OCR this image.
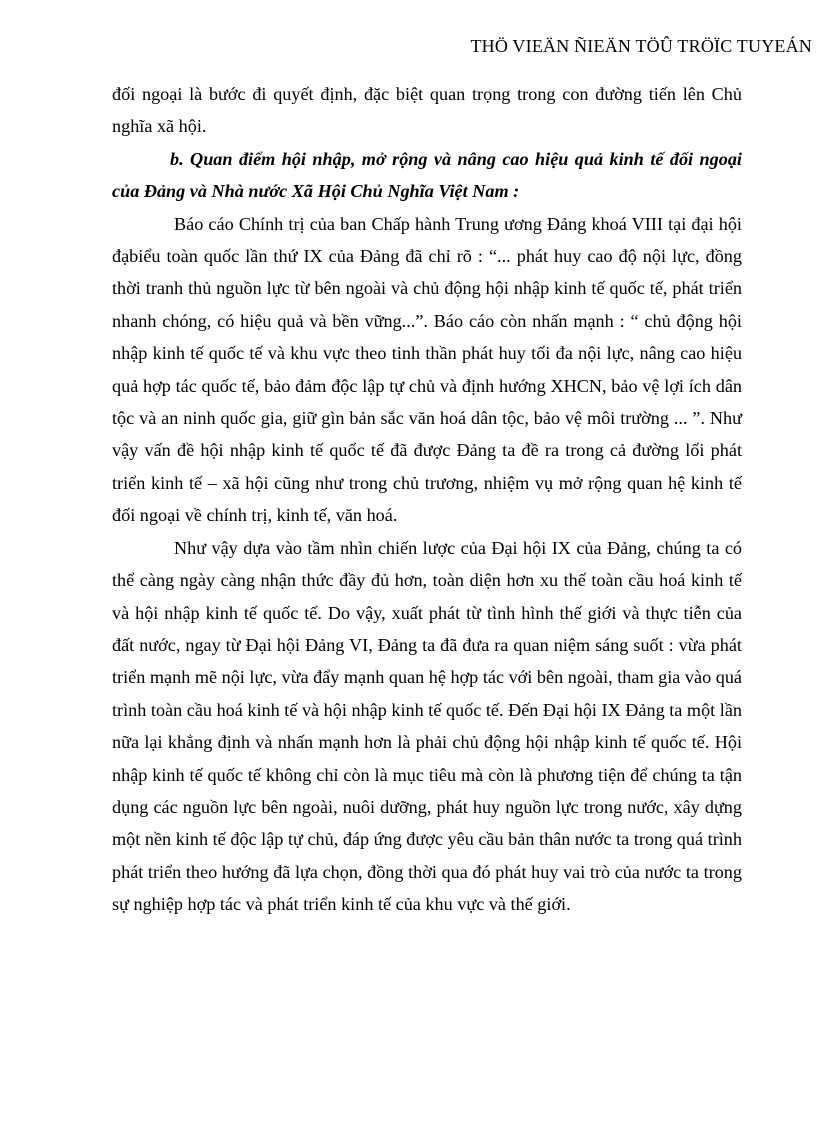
THÖ VIEÄN ÑIEÄN TÖÛ TRÖÏC TUYEÁN

đối ngoại là bước đi quyết định, đặc biệt quan trọng trong con đường tiến lên Chủ nghĩa xã hội.

b. Quan điểm hội nhập, mở rộng và nâng cao hiệu quả kinh tế đối ngoại của Đảng và Nhà nước Xã Hội Chủ Nghĩa Việt Nam :

Báo cáo Chính trị của ban Chấp hành Trung ương Đảng khoá VIII tại đại hội đạbiểu toàn quốc lần thứ IX của Đảng đã chỉ rõ : “... phát huy cao độ nội lực, đồng thời tranh thủ nguồn lực từ bên ngoài và chủ động hội nhập kinh tế quốc tế, phát triển nhanh chóng, có hiệu quả và bền vững...”. Báo cáo còn nhấn mạnh : “ chủ động hội nhập kinh tế quốc tế và khu vực theo tinh thần phát huy tối đa nội lực, nâng cao hiệu quả hợp tác quốc tế, bảo đảm độc lập tự chủ và định hướng XHCN, bảo vệ lợi ích dân tộc và an ninh quốc gia, giữ gìn bản sắc văn hoá dân tộc, bảo vệ môi trường ... ”. Như vậy vấn đề hội nhập kinh tế quốc tế đã được Đảng ta đề ra trong cả đường lối phát triển kinh tế – xã hội cũng như trong chủ trương, nhiệm vụ mở rộng quan hệ kinh tế đối ngoại về chính trị, kinh tế, văn hoá.

Như vậy dựa vào tầm nhìn chiến lược của Đại hội IX của Đảng, chúng ta có thể càng ngày càng nhận thức đầy đủ hơn, toàn diện hơn xu thế toàn cầu hoá kinh tế và hội nhập kinh tế quốc tế. Do vậy, xuất phát từ tình hình thế giới và thực tiễn của đất nước, ngay từ Đại hội Đảng VI, Đảng ta đã đưa ra quan niệm sáng suốt : vừa phát triển mạnh mẽ nội lực, vừa đẩy mạnh quan hệ hợp tác với bên ngoài, tham gia vào quá trình toàn cầu hoá kinh tế và hội nhập kinh tế quốc tế. Đến Đại hội IX Đảng ta một lần nữa lại khẳng định và nhấn mạnh hơn là phải chủ động hội nhập kinh tế quốc tế. Hội nhập kinh tế quốc tế không chỉ còn là mục tiêu mà còn là phương tiện để chúng ta tận dụng các nguồn lực bên ngoài, nuôi dưỡng, phát huy nguồn lực trong nước, xây dựng một nền kinh tế độc lập tự chủ, đáp ứng được yêu cầu bản thân nước ta trong quá trình phát triển theo hướng đã lựa chọn, đồng thời qua đó phát huy vai trò của nước ta trong sự nghiệp hợp tác và phát triển kinh tế của khu vực và thế giới.
